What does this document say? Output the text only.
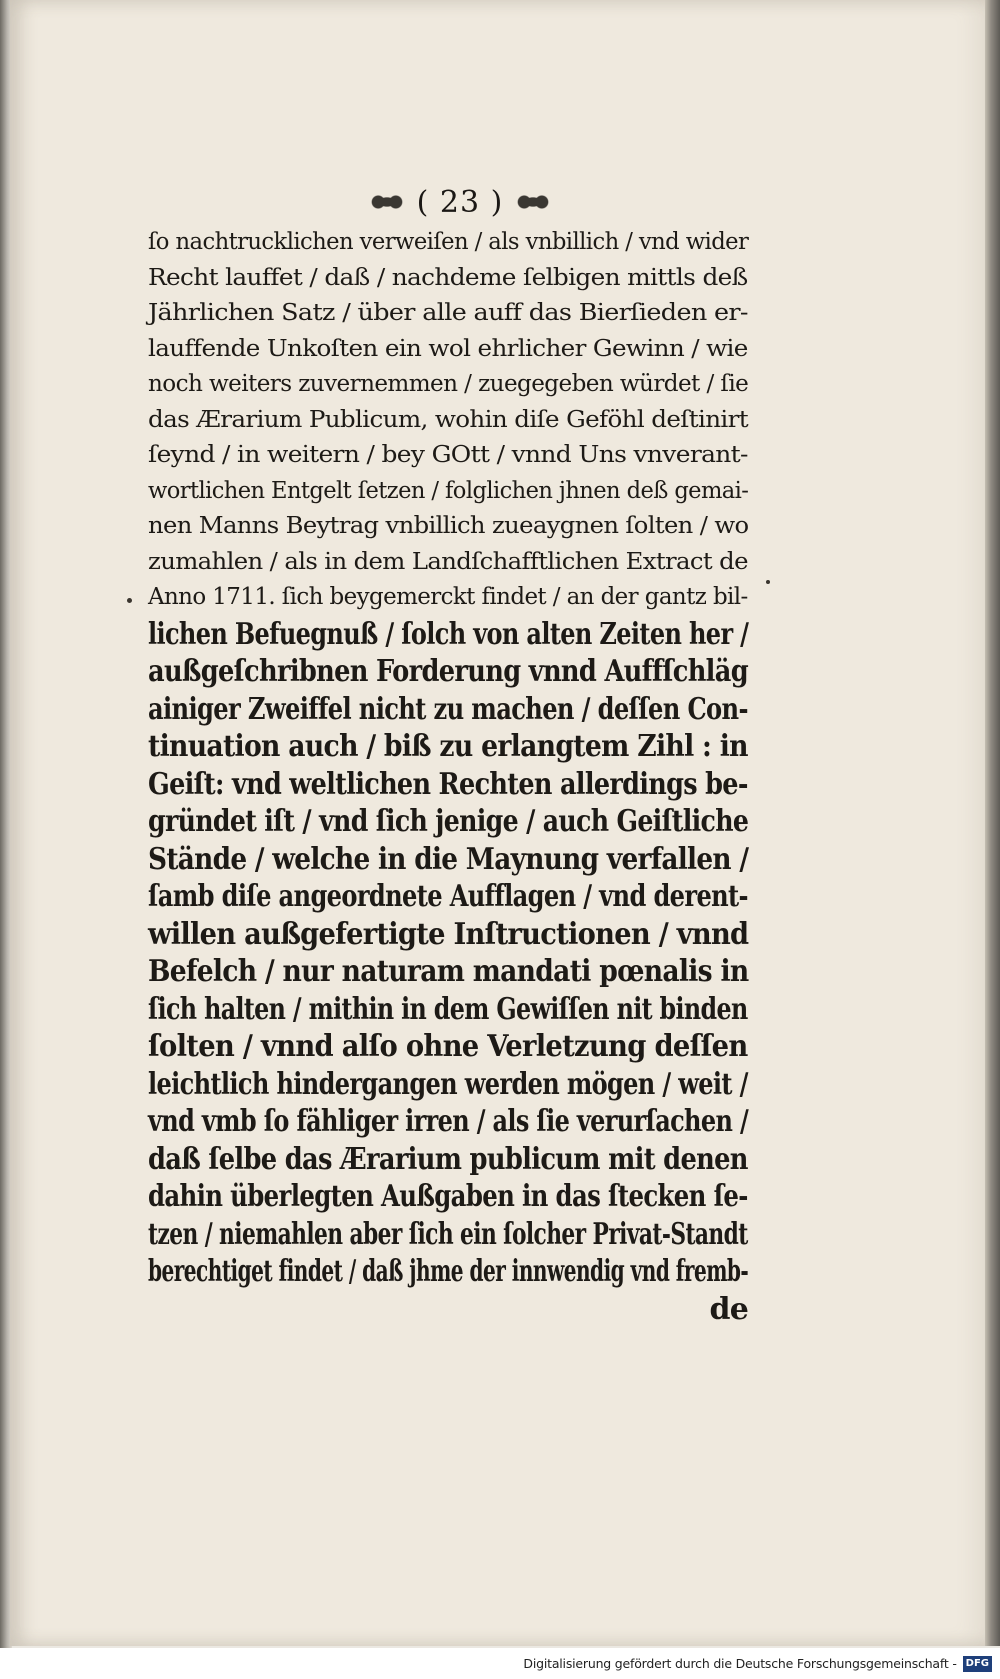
( 23 )
ſo nachtrucklichen verweiſen / als vnbillich / vnd wider
Recht lauffet / daß / nachdeme ſelbigen mittls deß
Jährlichen Satz / über alle auff das Bierſieden er-
lauffende Unkoſten ein wol ehrlicher Gewinn / wie
noch weiters zuvernemmen / zuegegeben würdet / ſie
das Ærarium Publicum, wohin diſe Geföhl deſtinirt
ſeynd / in weitern / bey GOtt / vnnd Uns vnverant-
wortlichen Entgelt ſetzen / folglichen jhnen deß gemai-
nen Manns Beytrag vnbillich zueaygnen ſolten / wo
zumahlen / als in dem Landſchafftlichen Extract de
Anno 1711. ſich beygemerckt findet / an der gantz bil-
lichen Befuegnuß / ſolch von alten Zeiten her /
außgeſchribnen Forderung vnnd Auffſchläg
ainiger Zweiffel nicht zu machen / deſſen Con-
tinuation auch / biß zu erlangtem Zihl : in
Geiſt: vnd weltlichen Rechten allerdings be-
gründet iſt / vnd ſich jenige / auch Geiſtliche
Stände / welche in die Maynung verfallen /
ſamb diſe angeordnete Aufflagen / vnd derent-
willen außgefertigte Inſtructionen / vnnd
Befelch / nur naturam mandati pœnalis in
ſich halten / mithin in dem Gewiſſen nit binden
ſolten / vnnd alſo ohne Verletzung deſſen
leichtlich hindergangen werden mögen / weit /
vnd vmb ſo fähliger irren / als ſie verurſachen /
daß ſelbe das Ærarium publicum mit denen
dahin überlegten Außgaben in das ſtecken ſe-
tzen / niemahlen aber ſich ein ſolcher Privat-Standt
berechtiget findet / daß jhme der innwendig vnd fremb-
de
Digitalisierung gefördert durch die Deutsche Forschungsgemeinschaft - DFG
